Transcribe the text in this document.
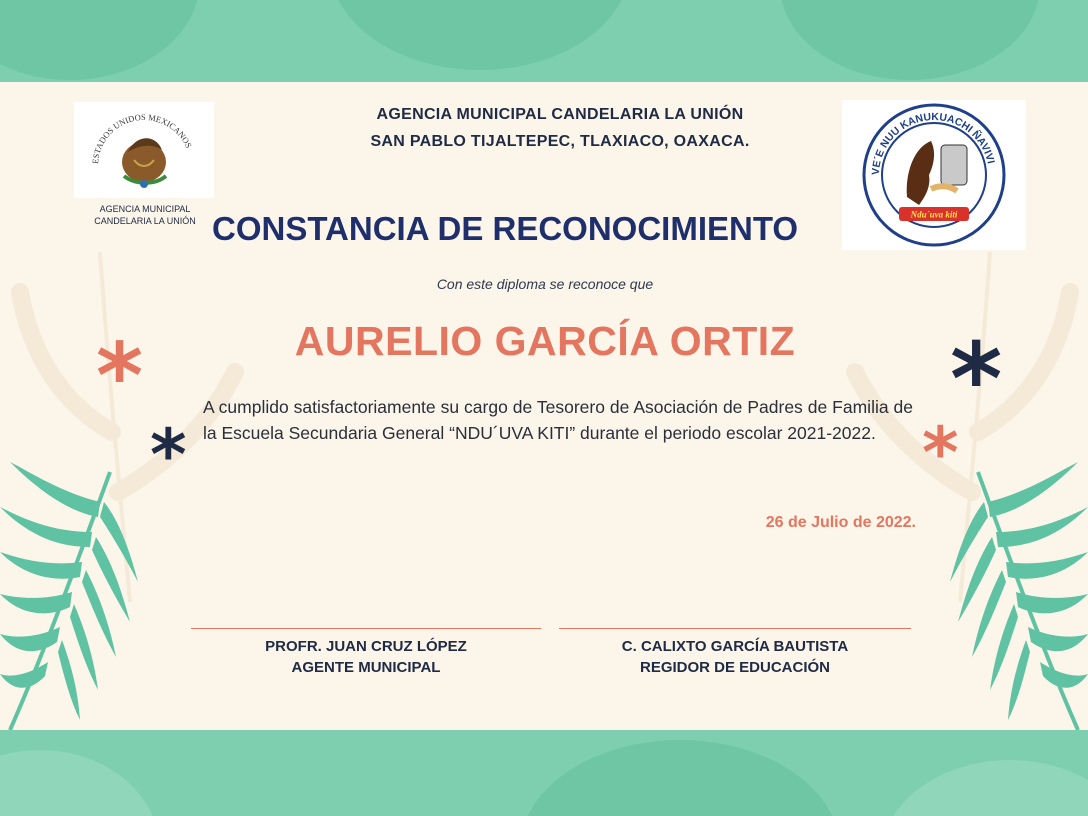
ESTADOS UNIDOS MEXICANOS
AGENCIA MUNICIPAL
CANDELARIA LA UNIÓN
VE´E NUU KANUKUACHI ÑAVIVI
Ndu´uva kiti
AGENCIA MUNICIPAL CANDELARIA LA UNIÓN
SAN PABLO TIJALTEPEC, TLAXIACO, OAXACA.
CONSTANCIA DE RECONOCIMIENTO
Con este diploma se reconoce que
AURELIO GARCÍA ORTIZ
A cumplido satisfactoriamente su cargo de Tesorero de Asociación de Padres de Familia de la Escuela Secundaria General “NDU´UVA KITI” durante el periodo escolar 2021-2022.
26 de Julio de 2022.
*
*
*
*
PROFR. JUAN CRUZ LÓPEZ
AGENTE MUNICIPAL
C. CALIXTO GARCÍA BAUTISTA
REGIDOR DE EDUCACIÓN
